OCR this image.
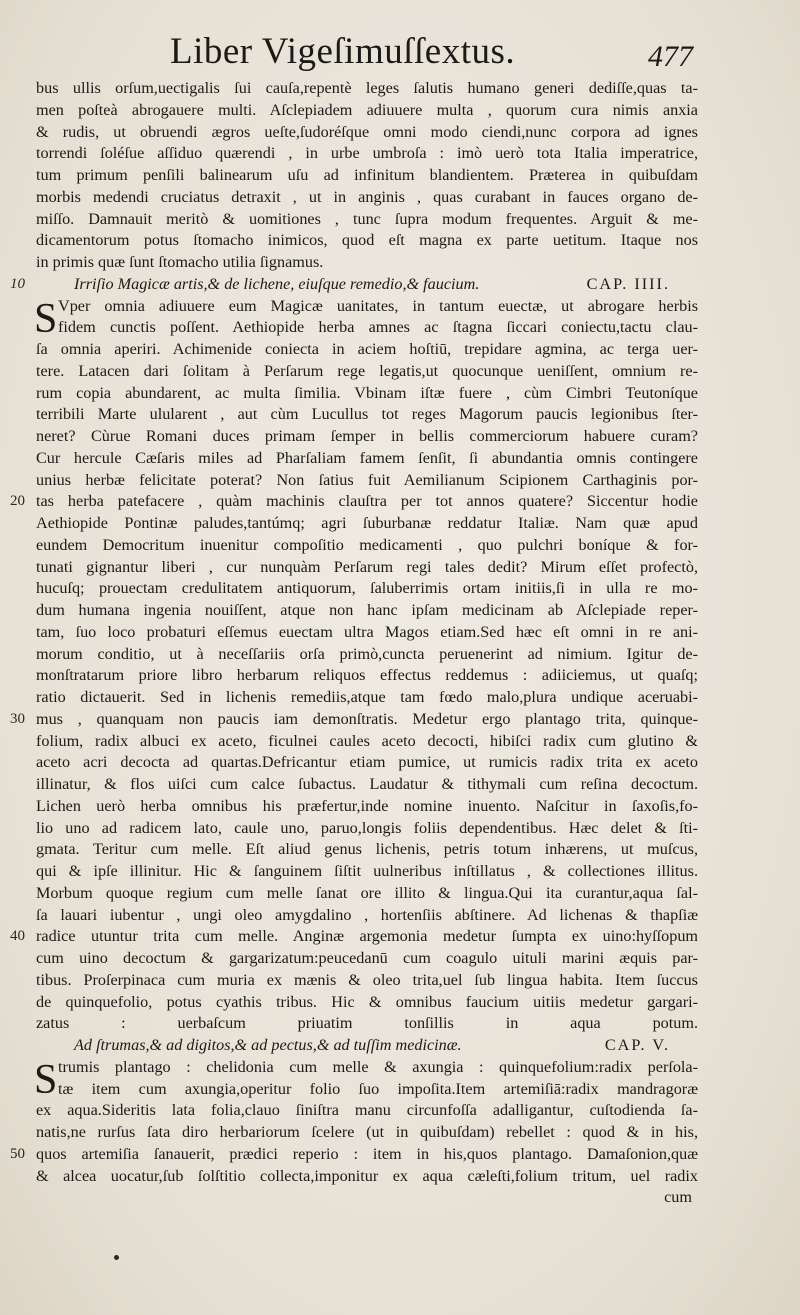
Liber Vigeſimuſſextus.	477
bus ullis orſum,uectigalis ſui cauſa,repentè leges ſalutis humano generi dediſſe,quas ta-
men poſteà abrogauere multi. Aſclepiadem adiuuere multa , quorum cura nimis anxia
& rudis, ut obruendi ægros ueſte,ſudoréſque omni modo ciendi,nunc corpora ad ignes
torrendi ſoléſue aſſiduo quærendi , in urbe umbroſa : imò uerò tota Italia imperatrice,
tum primum penſili balinearum uſu ad infinitum blandientem. Præterea in quibuſdam
morbis medendi cruciatus detraxit , ut in anginis , quas curabant in fauces organo de-
miſſo. Damnauit meritò & uomitiones , tunc ſupra modum frequentes. Arguit & me-
dicamentorum potus ſtomacho inimicos, quod eſt magna ex parte uetitum. Itaque nos
in primis quæ ſunt ſtomacho utilia ſignamus.
10	Irriſio Magicæ artis,& de lichene, eiuſque remedio,& faucium.	CAP. IIII.
S Vper omnia adiuuere eum Magicæ uanitates, in tantum euectæ, ut abrogare herbis
fidem cunctis poſſent. Aethiopide herba amnes ac ſtagna ſiccari coniectu,tactu clau-
ſa omnia aperiri. Achimenide coniecta in aciem hoſtiū, trepidare agmina, ac terga uer-
tere. Latacen dari ſolitam à Perſarum rege legatis,ut quocunque ueniſſent, omnium re-
rum copia abundarent, ac multa ſimilia. Vbinam iſtæ fuere , cùm Cimbri Teutoníque
terribili Marte ulularent , aut cùm Lucullus tot reges Magorum paucis legionibus ſter-
neret? Cùrue Romani duces primam ſemper in bellis commerciorum habuere curam?
Cur hercule Cæſaris miles ad Pharſaliam famem ſenſit, ſi abundantia omnis contingere
unius herbæ felicitate poterat? Non ſatius fuit Aemilianum Scipionem Carthaginis por-
20 tas herba patefacere , quàm machinis clauſtra per tot annos quatere? Siccentur hodie
Aethiopide Pontinæ paludes,tantúmq; agri ſuburbanæ reddatur Italiæ. Nam quæ apud
eundem Democritum inuenitur compoſitio medicamenti , quo pulchri boníque & for-
tunati gignantur liberi , cur nunquàm Perſarum regi tales dedit? Mirum eſſet profectò,
hucuſq; prouectam credulitatem antiquorum, ſaluberrimis ortam initiis,ſi in ulla re mo-
dum humana ingenia nouiſſent, atque non hanc ipſam medicinam ab Aſclepiade reper-
tam, ſuo loco probaturi eſſemus euectam ultra Magos etiam.Sed hæc eſt omni in re ani-
morum conditio, ut à neceſſariis orſa primò,cuncta peruenerint ad nimium. Igitur de-
monſtratarum priore libro herbarum reliquos effectus reddemus : adiiciemus, ut quaſq;
ratio dictauerit. Sed in lichenis remediis,atque tam fœdo malo,plura undique aceruabi-
30 mus , quanquam non paucis iam demonſtratis. Medetur ergo plantago trita, quinque-
folium, radix albuci ex aceto, ficulnei caules aceto decocti, hibiſci radix cum glutino &
aceto acri decocta ad quartas.Defricantur etiam pumice, ut rumicis radix trita ex aceto
illinatur, & flos uiſci cum calce ſubactus. Laudatur & tithymali cum reſina decoctum.
Lichen uerò herba omnibus his præfertur,inde nomine inuento. Naſcitur in ſaxoſis,fo-
lio uno ad radicem lato, caule uno, paruo,longis foliis dependentibus. Hæc delet & ſti-
gmata. Teritur cum melle. Eſt aliud genus lichenis, petris totum inhærens, ut muſcus,
qui & ipſe illinitur. Hic & ſanguinem ſiſtit uulneribus inſtillatus , & collectiones illitus.
Morbum quoque regium cum melle ſanat ore illito & lingua.Qui ita curantur,aqua ſal-
ſa lauari iubentur , ungi oleo amygdalino , hortenſiis abſtinere. Ad lichenas & thapſiæ
40 radice utuntur trita cum melle. Anginæ argemonia medetur ſumpta ex uino:hyſſopum
cum uino decoctum & gargarizatum:peucedanū cum coagulo uituli marini æquis par-
tibus. Proſerpinaca cum muria ex mænis & oleo trita,uel ſub lingua habita. Item ſuccus
de quinquefolio, potus cyathis tribus. Hic & omnibus faucium uitiis medetur gargari-
zatus : uerbaſcum priuatim tonſillis in aqua potum.
Ad ſtrumas,& ad digitos,& ad pectus,& ad tuſſim medicinæ.	CAP. V.
S trumis plantago : chelidonia cum melle & axungia : quinquefolium:radix perſola-
tæ item cum axungia,operitur folio ſuo impoſita.Item artemiſiā:radix mandragoræ
ex aqua.Sideritis lata folia,clauo ſiniſtra manu circunfoſſa adalligantur, cuſtodienda ſa-
natis,ne rurſus ſata diro herbariorum ſcelere (ut in quibuſdam) rebellet : quod & in his,
50 quos artemiſia ſanauerit, prædici reperio : item in his,quos plantago. Damaſonion,quæ
& alcea uocatur,ſub ſolſtitio collecta,imponitur ex aqua cæleſti,folium tritum, uel radix
cum
